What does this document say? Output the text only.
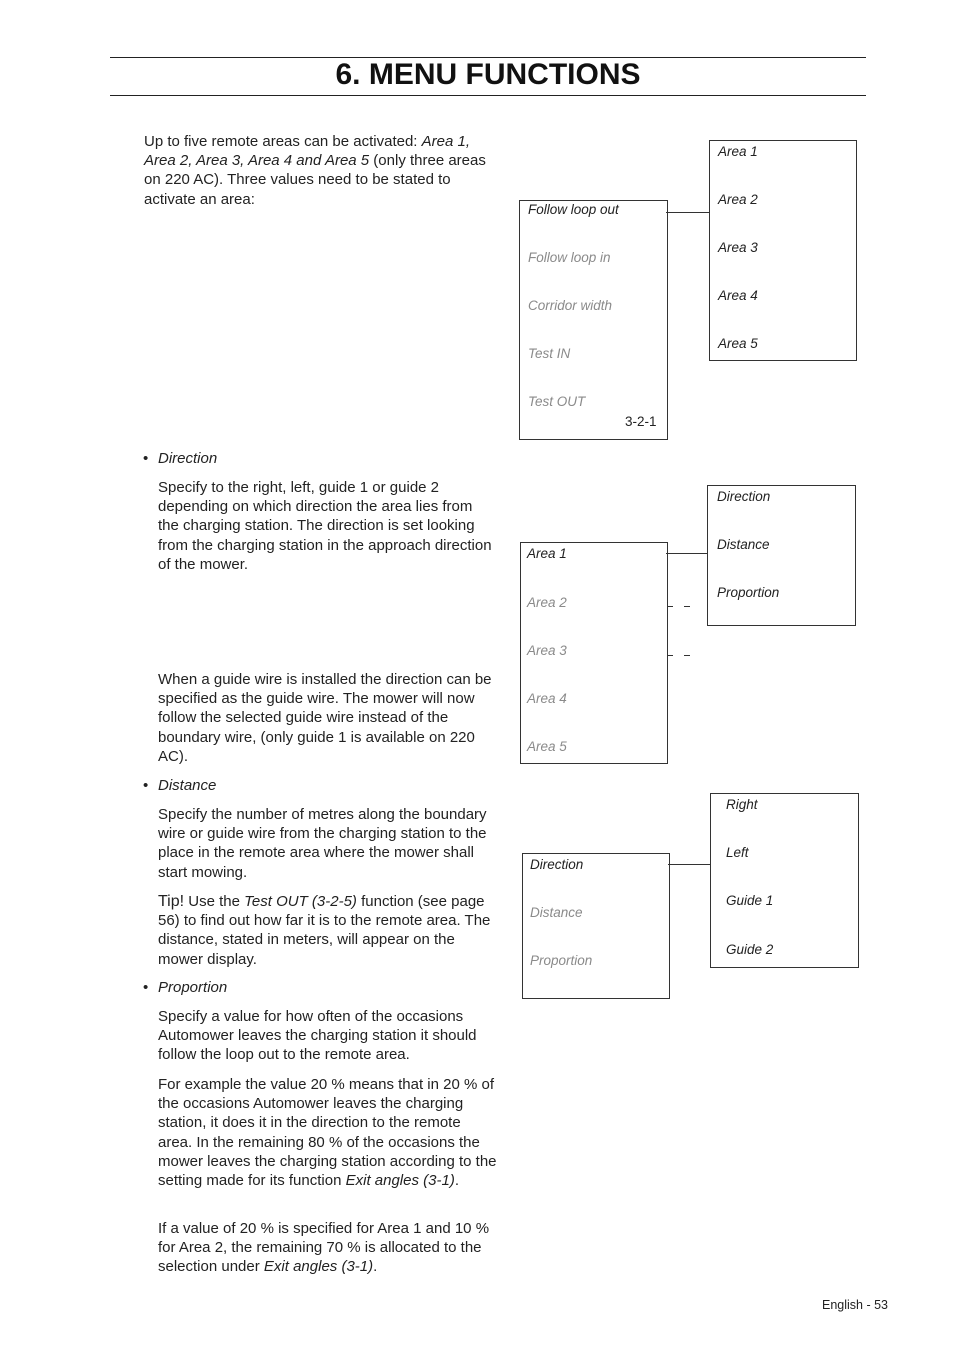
6. MENU FUNCTIONS
Up to five remote areas can be activated: Area 1, Area 2, Area 3, Area 4 and Area 5 (only three areas on 220 AC). Three values need to be stated to activate an area:
• Direction
Specify to the right, left, guide 1 or guide 2 depending on which direction the area lies from the charging station. The direction is set looking from the charging station in the approach direction of the mower.
When a guide wire is installed the direction can be specified as the guide wire. The mower will now follow the selected guide wire instead of the boundary wire, (only guide 1 is available on 220 AC).
• Distance
Specify the number of metres along the boundary wire or guide wire from the charging station to the place in the remote area where the mower shall start mowing.
Tip! Use the Test OUT (3-2-5) function (see page 56) to find out how far it is to the remote area. The distance, stated in meters, will appear on the mower display.
• Proportion
Specify a value for how often of the occasions Automower leaves the charging station it should follow the loop out to the remote area.
For example the value 20 % means that in 20 % of the occasions Automower leaves the charging station, it does it in the direction to the remote area. In the remaining 80 % of the occasions the mower leaves the charging station according to the setting made for its function Exit angles (3-1).
If a value of 20 % is specified for Area 1 and 10 % for Area 2, the remaining 70 % is allocated to the selection under Exit angles (3-1).
Follow loop out
Follow loop in
Corridor width
Test IN
Test OUT
3-2-1
Area 1
Area 2
Area 3
Area 4
Area 5
Area 1
Area 2
Area 3
Area 4
Area 5
Direction
Distance
Proportion
Direction
Distance
Proportion
Right
Left
Guide 1
Guide 2
English - 53
